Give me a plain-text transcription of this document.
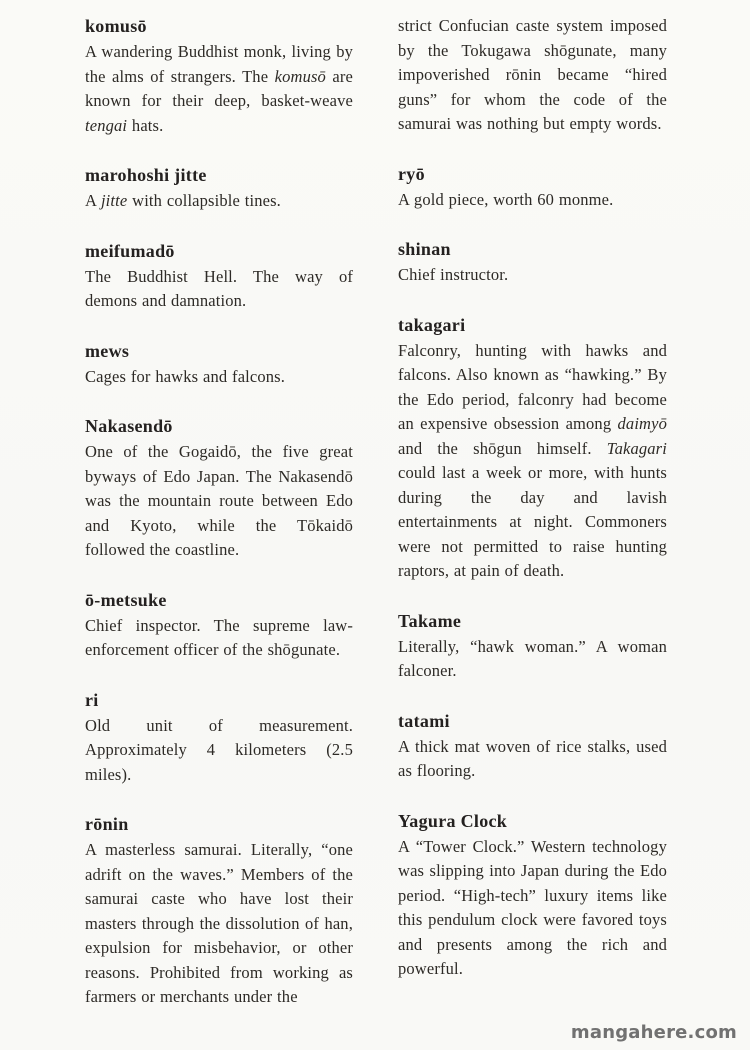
komusō

A wandering Buddhist monk, living by the alms of strangers. The komusō are known for their deep, basket-weave tengai hats.

marohoshi jitte

A jitte with collapsible tines.

meifumadō

The Buddhist Hell. The way of demons and damnation.

mews

Cages for hawks and falcons.

Nakasendō

One of the Gogaidō, the five great byways of Edo Japan. The Nakasendō was the mountain route between Edo and Kyoto, while the Tōkaidō followed the coastline.

ō-metsuke

Chief inspector. The supreme law-enforcement officer of the shōgunate.

ri

Old unit of measurement. Approximately 4 kilometers (2.5 miles).

rōnin

A masterless samurai. Literally, “one adrift on the waves.” Members of the samurai caste who have lost their masters through the dissolution of han, expulsion for misbehavior, or other reasons. Prohibited from working as farmers or merchants under the

strict Confucian caste system imposed by the Tokugawa shōgunate, many impoverished rōnin became “hired guns” for whom the code of the samurai was nothing but empty words.

ryō

A gold piece, worth 60 monme.

shinan

Chief instructor.

takagari

Falconry, hunting with hawks and falcons. Also known as “hawking.” By the Edo period, falconry had become an expensive obsession among daimyō and the shōgun himself. Takagari could last a week or more, with hunts during the day and lavish entertainments at night. Commoners were not permitted to raise hunting raptors, at pain of death.

Takame

Literally, “hawk woman.” A woman falconer.

tatami

A thick mat woven of rice stalks, used as flooring.

Yagura Clock

A “Tower Clock.” Western technology was slipping into Japan during the Edo period. “High-tech” luxury items like this pendulum clock were favored toys and presents among the rich and powerful.

mangahere.com
